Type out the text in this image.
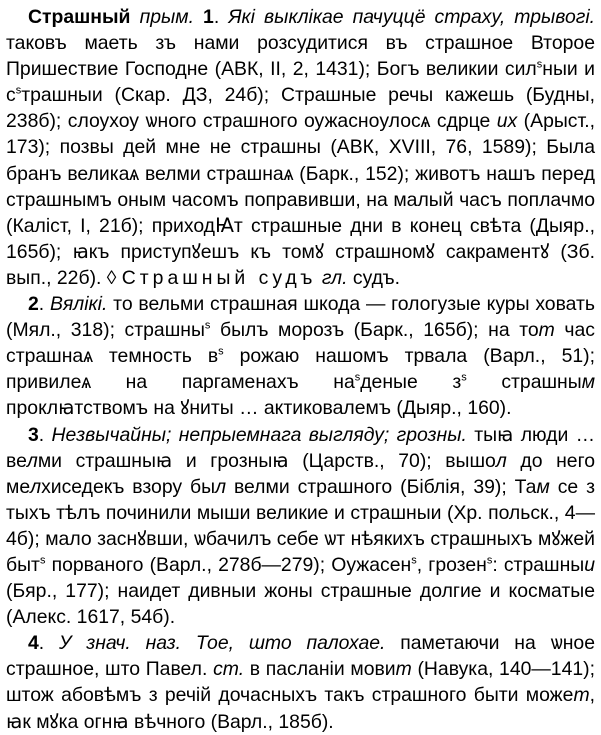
Страшный прым. 1. Які выклікае пачуццё страху, трывогі. таковъ маеть зъ нами розсудитися въ страшное Второе Пришествие Господне (АВК, II, 2, 1431); Богъ великии сил$^s$ныи и $с^sтрашныи$ (Скар. ДЗ, 24б); Страшные речы кажешь (Будны, 238б); слоухоу ѡного страшного оужаснoулосѧ сдрце их (Арыст., 173); позвы дей мне не страшны (АВК, XVIII, 76, 1589); Была бранъ великаѧ велми страшнаѧ (Барк., 152); животъ нашъ перед страшнымъ оным часомъ поправивши, на малый часъ поплачмо (Каліст, I, 21б); приходꙖт страшные дни в конец свѣта (Дыяр., 165б); ꙗкъ приступꙋешъ къ томꙋ страшномꙋ сакраментꙋ (Зб. вып., 22б). ◊ Страшный судъ гл. судъ.

2. Вялікі. то вельми страшная шкода — гологузые куры ховать (Мял., 318); страшны$^s$ былъ морозъ (Барк., 165б); на тот час страшнаѧ темность $в^s$ рожаю нашомъ трвала (Варл., 51); привилеѧ на паргаменахъ $на^sденые$ $з^s$ страшным проклꙗтствомъ на ꙋниты … актиковалемъ (Дыяр., 160).

3. Незвычайны; непрыемнага выгляду; грозны. тыꙗ люди … велми страшныꙗ и грозныꙗ (Царств., 70); вышол до него мелхиседекъ взору был велми страшного (Біблія, 39); Там се з тыхъ тѣлъ починили мыши великие и страшныи (Хр. польск., 4—4б); мало заснꙋвши, ѡбачилъ себе ѡт нѣякихъ страшныхъ мꙋжей быт$^s$ порваного (Варл., 278б—279); Оужасен$^s$, грозен$^s$: страшныи (Бяр., 177); наидет дивныи жоны страшные долгие и косматые (Алекс. 1617, 54б).

4. У знач. наз. Тое, што палохае. паметаючи на ѡное страшное, што Павел. ст. в пасланіи мовит (Навука, 140—141); штож абовѣмъ з речій дочасныхъ такъ страшного быти может, ꙗк мꙋка огнꙗ вѣчного (Варл., 185б).
